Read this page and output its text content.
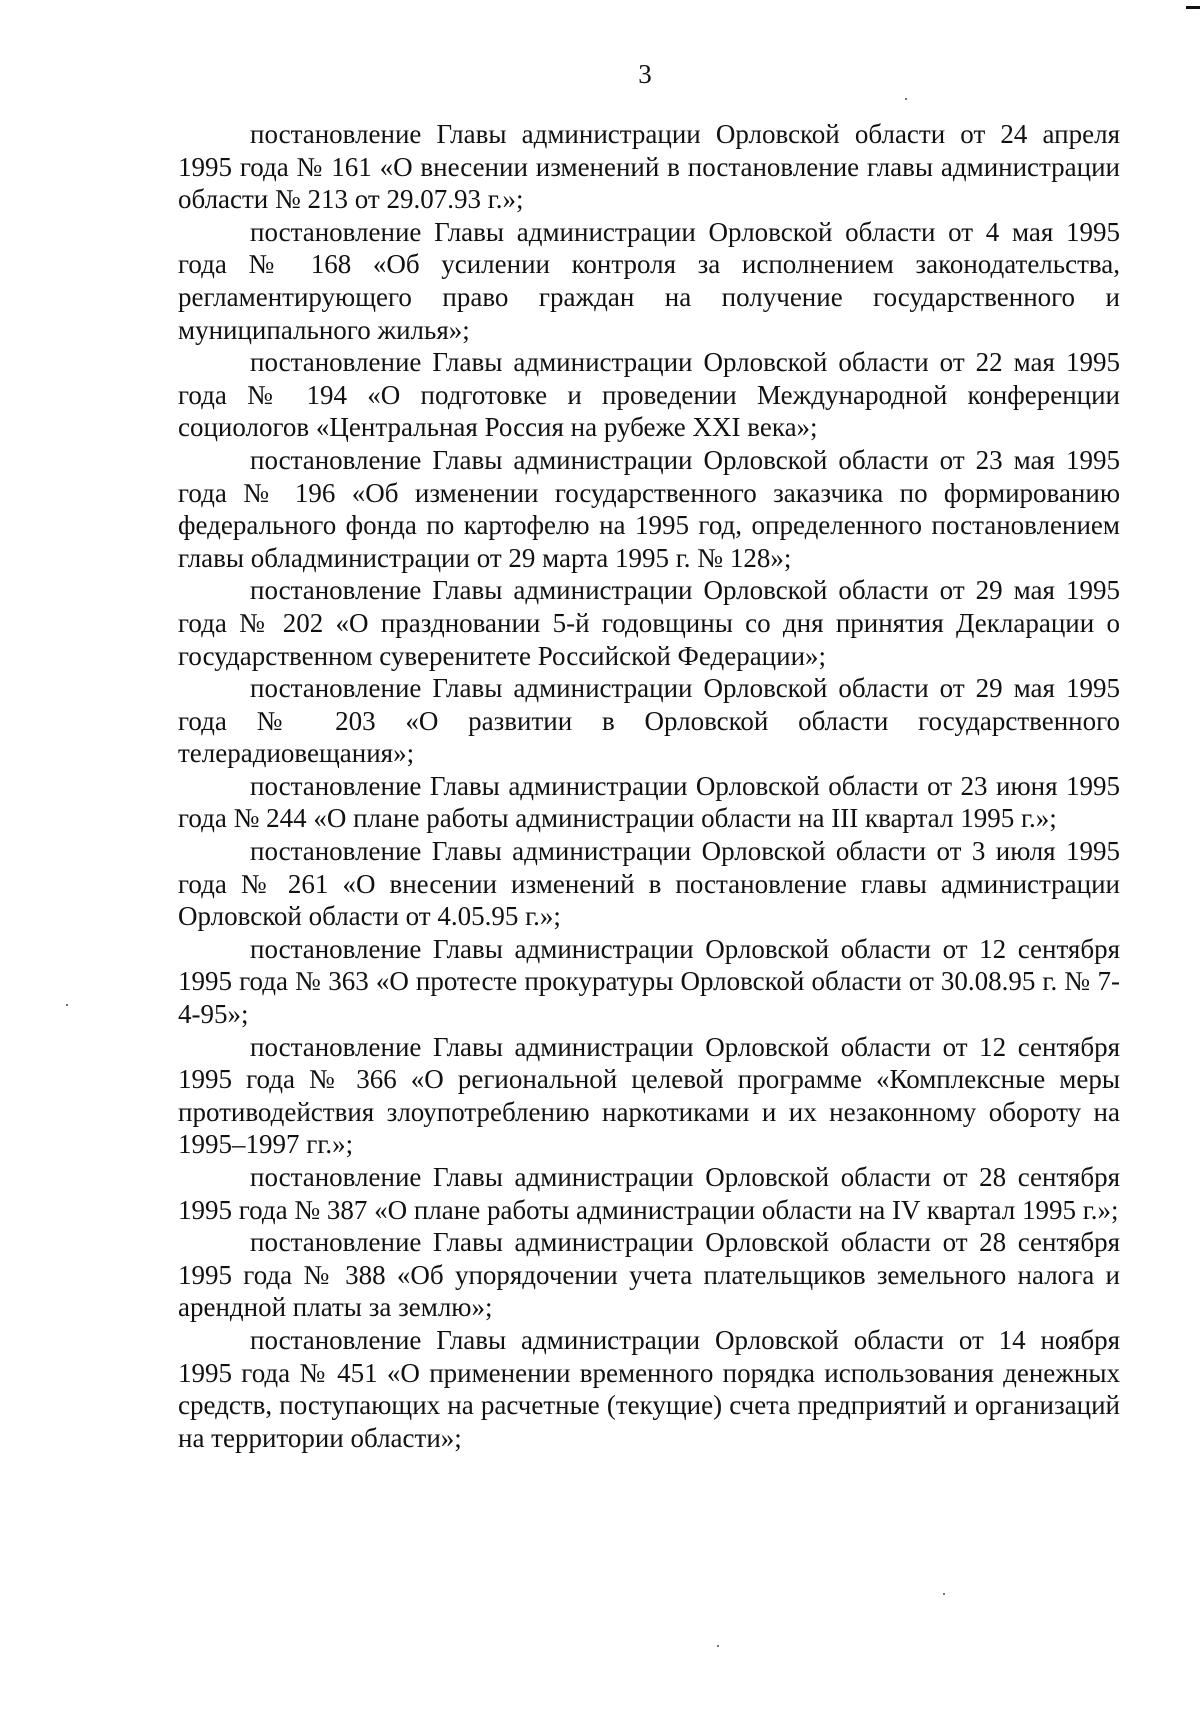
3

постановление Главы администрации Орловской области от 24 апреля 1995 года № 161 «О внесении изменений в постановление главы администрации области № 213 от 29.07.93 г.»;

постановление Главы администрации Орловской области от 4 мая 1995 года № 168 «Об усилении контроля за исполнением законодательства, регламентирующего право граждан на получение государственного и муниципального жилья»;

постановление Главы администрации Орловской области от 22 мая 1995 года № 194 «О подготовке и проведении Международной конференции социологов «Центральная Россия на рубеже XXI века»;

постановление Главы администрации Орловской области от 23 мая 1995 года № 196 «Об изменении государственного заказчика по формированию федерального фонда по картофелю на 1995 год, определенного постановлением главы обладминистрации от 29 марта 1995 г. № 128»;

постановление Главы администрации Орловской области от 29 мая 1995 года № 202 «О праздновании 5-й годовщины со дня принятия Декларации о государственном суверенитете Российской Федерации»;

постановление Главы администрации Орловской области от 29 мая 1995 года № 203 «О развитии в Орловской области государственного телерадиовещания»;

постановление Главы администрации Орловской области от 23 июня 1995 года № 244 «О плане работы администрации области на III квартал 1995 г.»;

постановление Главы администрации Орловской области от 3 июля 1995 года № 261 «О внесении изменений в постановление главы администрации Орловской области от 4.05.95 г.»;

постановление Главы администрации Орловской области от 12 сентября 1995 года № 363 «О протесте прокуратуры Орловской области от 30.08.95 г. № 7-4-95»;

постановление Главы администрации Орловской области от 12 сентября 1995 года № 366 «О региональной целевой программе «Комплексные меры противодействия злоупотреблению наркотиками и их незаконному обороту на 1995–1997 гг.»;

постановление Главы администрации Орловской области от 28 сентября 1995 года № 387 «О плане работы администрации области на IV квартал 1995 г.»;

постановление Главы администрации Орловской области от 28 сентября 1995 года № 388 «Об упорядочении учета плательщиков земельного налога и арендной платы за землю»;

постановление Главы администрации Орловской области от 14 ноября 1995 года № 451 «О применении временного порядка использования денежных средств, поступающих на расчетные (текущие) счета предприятий и организаций на территории области»;
